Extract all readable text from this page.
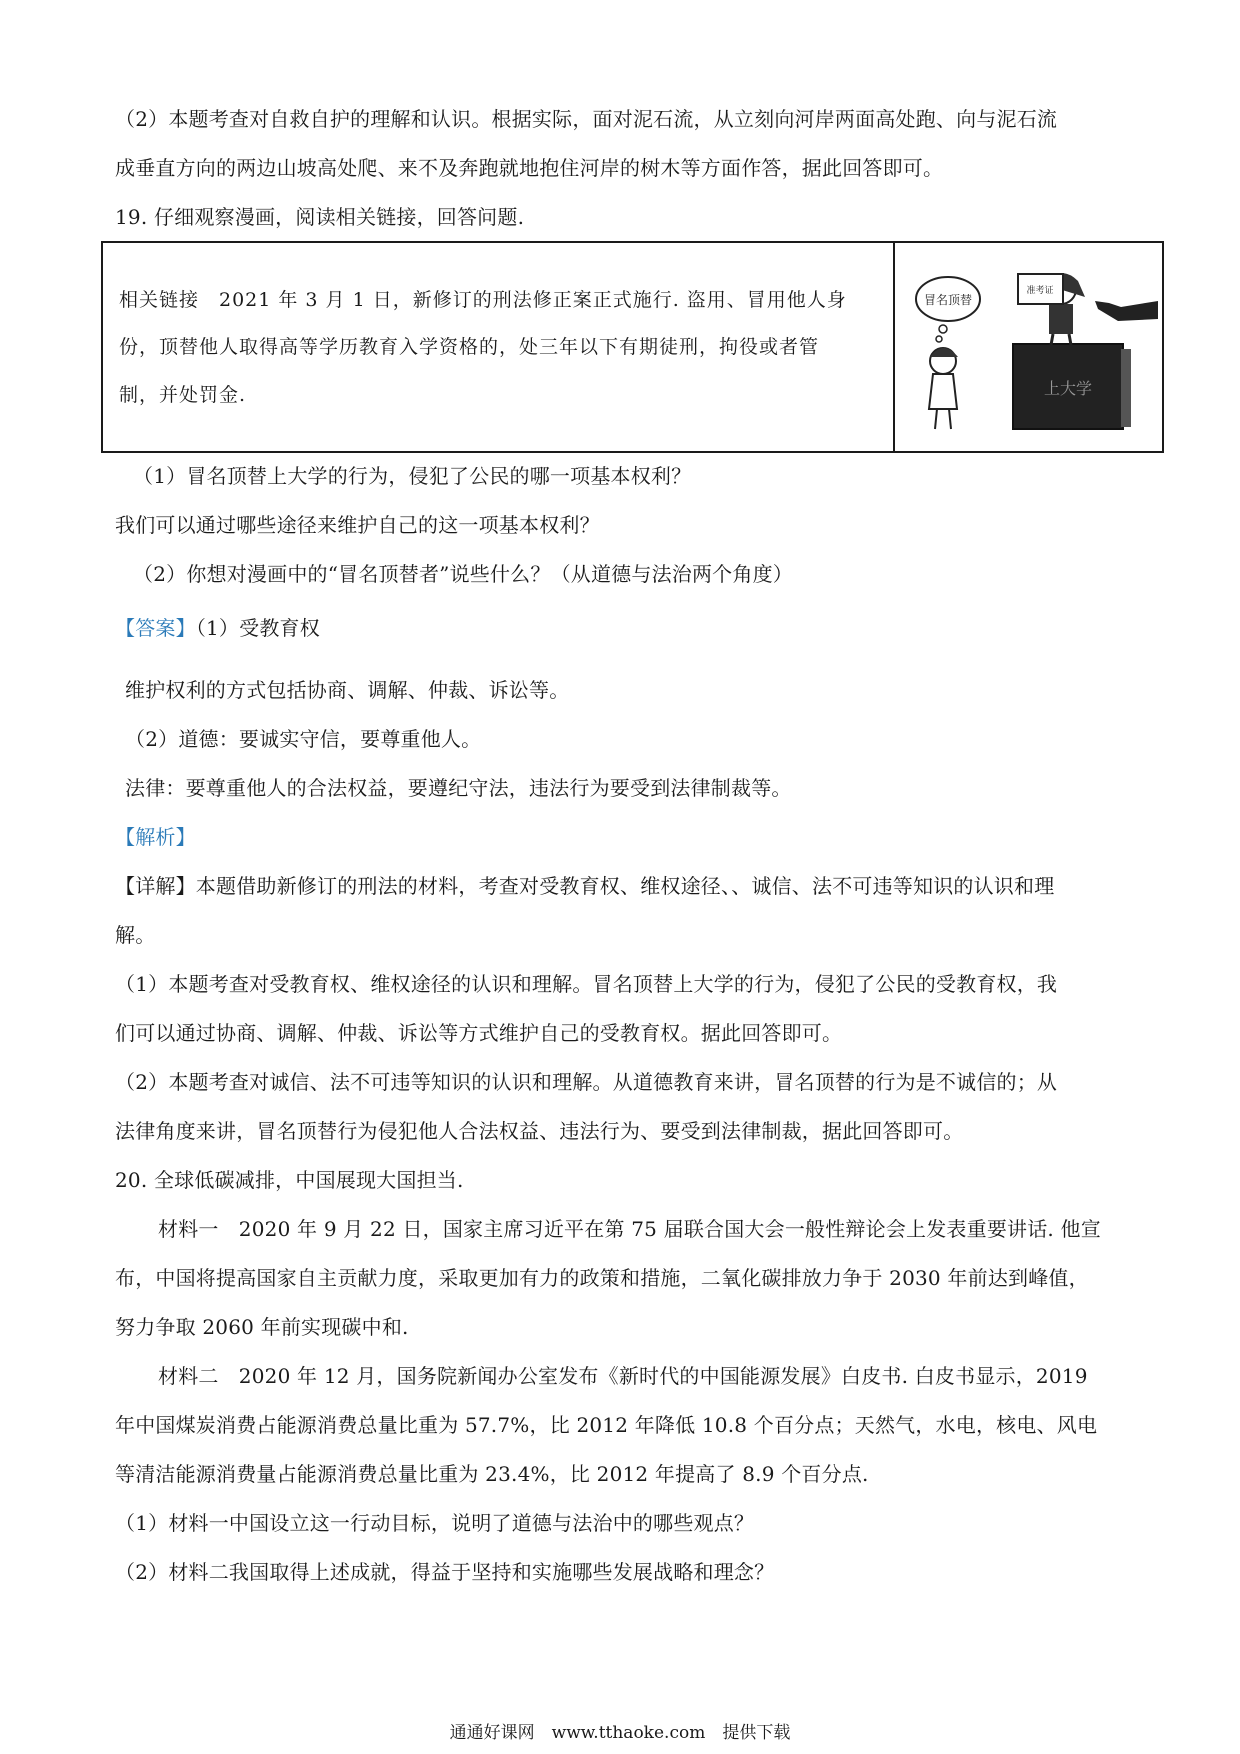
（2）本题考查对自救自护的理解和认识。根据实际，面对泥石流，从立刻向河岸两面高处跑、向与泥石流
成垂直方向的两边山坡高处爬、来不及奔跑就地抱住河岸的树木等方面作答，据此回答即可。
19. 仔细观察漫画，阅读相关链接，回答问题.
相关链接　2021 年 3 月 1 日，新修订的刑法修正案正式施行. 盗用、冒用他人身
份，顶替他人取得高等学历教育入学资格的，处三年以下有期徒刑，拘役或者管
制，并处罚金.
冒名顶替
上大学
准考证
（1）冒名顶替上大学的行为，侵犯了公民的哪一项基本权利？
我们可以通过哪些途径来维护自己的这一项基本权利？
（2）你想对漫画中的“冒名顶替者”说些什么？（从道德与法治两个角度）
【答案】（1）受教育权
维护权利的方式包括协商、调解、仲裁、诉讼等。
（2）道德：要诚实守信，要尊重他人。
法律：要尊重他人的合法权益，要遵纪守法，违法行为要受到法律制裁等。
【解析】
【详解】本题借助新修订的刑法的材料，考查对受教育权、维权途径、、诚信、法不可违等知识的认识和理
解。
（1）本题考查对受教育权、维权途径的认识和理解。冒名顶替上大学的行为，侵犯了公民的受教育权，我
们可以通过协商、调解、仲裁、诉讼等方式维护自己的受教育权。据此回答即可。
（2）本题考查对诚信、法不可违等知识的认识和理解。从道德教育来讲，冒名顶替的行为是不诚信的；从
法律角度来讲，冒名顶替行为侵犯他人合法权益、违法行为、要受到法律制裁，据此回答即可。
20. 全球低碳减排，中国展现大国担当.
材料一　2020 年 9 月 22 日，国家主席习近平在第 75 届联合国大会一般性辩论会上发表重要讲话. 他宣
布，中国将提高国家自主贡献力度，采取更加有力的政策和措施，二氧化碳排放力争于 2030 年前达到峰值，
努力争取 2060 年前实现碳中和.
材料二　2020 年 12 月，国务院新闻办公室发布《新时代的中国能源发展》白皮书. 白皮书显示，2019
年中国煤炭消费占能源消费总量比重为 57.7%，比 2012 年降低 10.8 个百分点；天然气，水电，核电、风电
等清洁能源消费量占能源消费总量比重为 23.4%，比 2012 年提高了 8.9 个百分点.
（1）材料一中国设立这一行动目标，说明了道德与法治中的哪些观点？
（2）材料二我国取得上述成就，得益于坚持和实施哪些发展战略和理念？
通通好课网　www.tthaoke.com　提供下载
